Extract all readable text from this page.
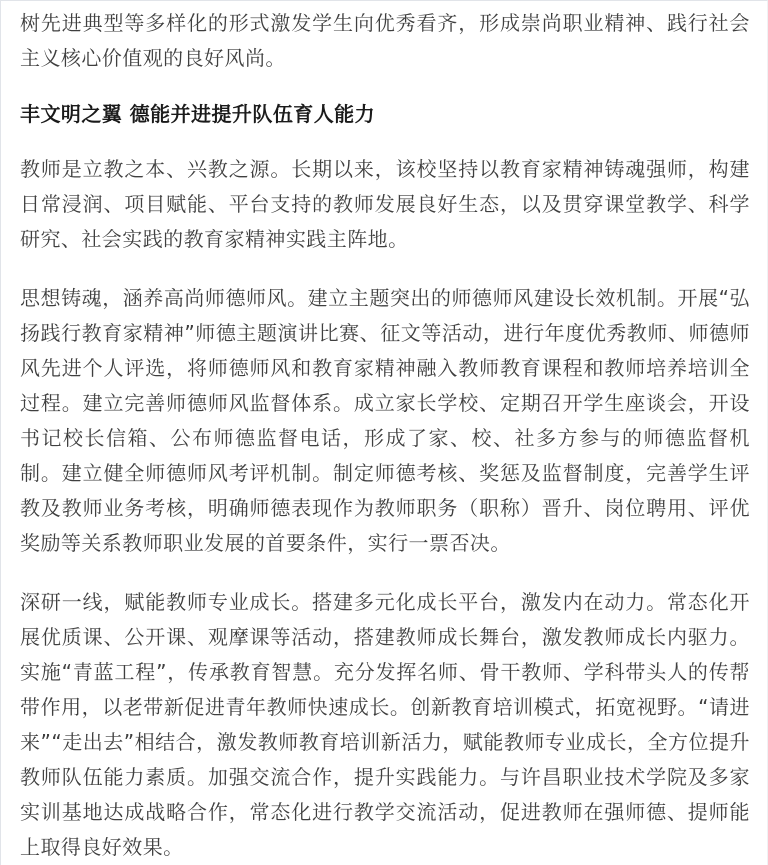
树先进典型等多样化的形式激发学生向优秀看齐，形成崇尚职业精神、践行社会主义核心价值观的良好风尚。

丰文明之翼 德能并进提升队伍育人能力

教师是立教之本、兴教之源。长期以来，该校坚持以教育家精神铸魂强师，构建日常浸润、项目赋能、平台支持的教师发展良好生态，以及贯穿课堂教学、科学研究、社会实践的教育家精神实践主阵地。

思想铸魂，涵养高尚师德师风。建立主题突出的师德师风建设长效机制。开展“弘扬践行教育家精神”师德主题演讲比赛、征文等活动，进行年度优秀教师、师德师风先进个人评选，将师德师风和教育家精神融入教师教育课程和教师培养培训全过程。建立完善师德师风监督体系。成立家长学校、定期召开学生座谈会，开设书记校长信箱、公布师德监督电话，形成了家、校、社多方参与的师德监督机制。建立健全师德师风考评机制。制定师德考核、奖惩及监督制度，完善学生评教及教师业务考核，明确师德表现作为教师职务（职称）晋升、岗位聘用、评优奖励等关系教师职业发展的首要条件，实行一票否决。

深研一线，赋能教师专业成长。搭建多元化成长平台，激发内在动力。常态化开展优质课、公开课、观摩课等活动，搭建教师成长舞台，激发教师成长内驱力。实施“青蓝工程”，传承教育智慧。充分发挥名师、骨干教师、学科带头人的传帮带作用，以老带新促进青年教师快速成长。创新教育培训模式，拓宽视野。“请进来”“走出去”相结合，激发教师教育培训新活力，赋能教师专业成长，全方位提升教师队伍能力素质。加强交流合作，提升实践能力。与许昌职业技术学院及多家实训基地达成战略合作，常态化进行教学交流活动，促进教师在强师德、提师能上取得良好效果。
